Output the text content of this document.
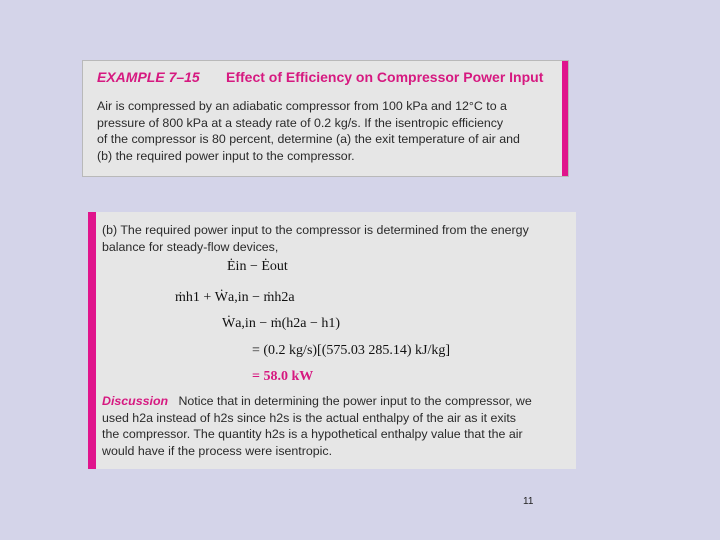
EXAMPLE 7–15 Effect of Efficiency on Compressor Power Input
Air is compressed by an adiabatic compressor from 100 kPa and 12°C to a
pressure of 800 kPa at a steady rate of 0.2 kg/s. If the isentropic efficiency
of the compressor is 80 percent, determine (a) the exit temperature of air and
(b) the required power input to the compressor.
(b) The required power input to the compressor is determined from the energy
balance for steady-flow devices,
Ėin − Ėout
ṁh1 + Ẇa,in − ṁh2a
Ẇa,in − ṁ(h2a − h1)
= (0.2 kg/s)[(575.03 285.14) kJ/kg]
= 58.0 kW
Discussion Notice that in determining the power input to the compressor, we
used h2a instead of h2s since h2s is the actual enthalpy of the air as it exits
the compressor. The quantity h2s is a hypothetical enthalpy value that the air
would have if the process were isentropic.
11
